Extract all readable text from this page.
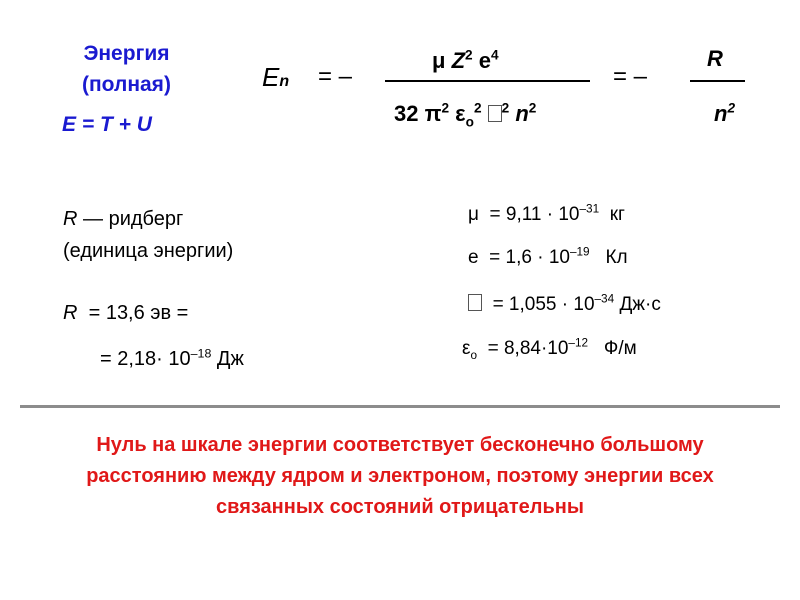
Энергия
(полная)
E = T + U
En = –
μ $Z^2$ $e^4$
32 $\pi^2$ $\varepsilon_o^2$ $^2$ $n^2$
= –
R
$n^2$
R — ридберг
(единица энергии)
R = 13,6 эв =
= $2,18\cdot 10^{-18}$ Дж
$\mu = 9,11 \cdot 10^{-31}$ кг
$e = 1,6 \cdot 10^{-19}$ Кл
= $1,055 \cdot 10^{-34}$ Дж·с
$\varepsilon_o = 8,84\cdot 10^{-12}$ Ф/м
Нуль на шкале энергии соответствует бесконечно большому расстоянию между ядром и электроном, поэтому энергии всех связанных состояний отрицательны
